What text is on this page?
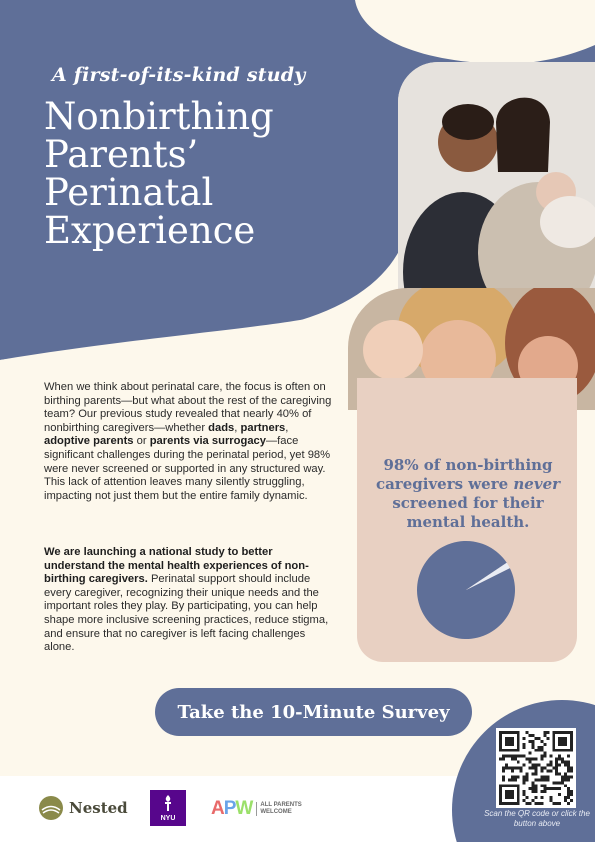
A first-of-its-kind study
Nonbirthing
Parents’
Perinatal
Experience

When we think about perinatal care, the focus is often on birthing parents—but what about the rest of the caregiving team? Our previous study revealed that nearly 40% of nonbirthing caregivers—whether dads, partners, adoptive parents or parents via surrogacy—face significant challenges during the perinatal period, yet 98% were never screened or supported in any structured way. This lack of attention leaves many silently struggling, impacting not just them but the entire family dynamic.

We are launching a national study to better understand the mental health experiences of non-birthing caregivers. Perinatal support should include every caregiver, recognizing their unique needs and the important roles they play. By participating, you can help shape more inclusive screening practices, reduce stigma, and ensure that no caregiver is left facing challenges alone.

98% of non-birthing caregivers were never screened for their mental health.

Take the 10-Minute Survey
Scan the QR code or click the button above
Nested
NYU APW ALL PARENTS
WELCOME
